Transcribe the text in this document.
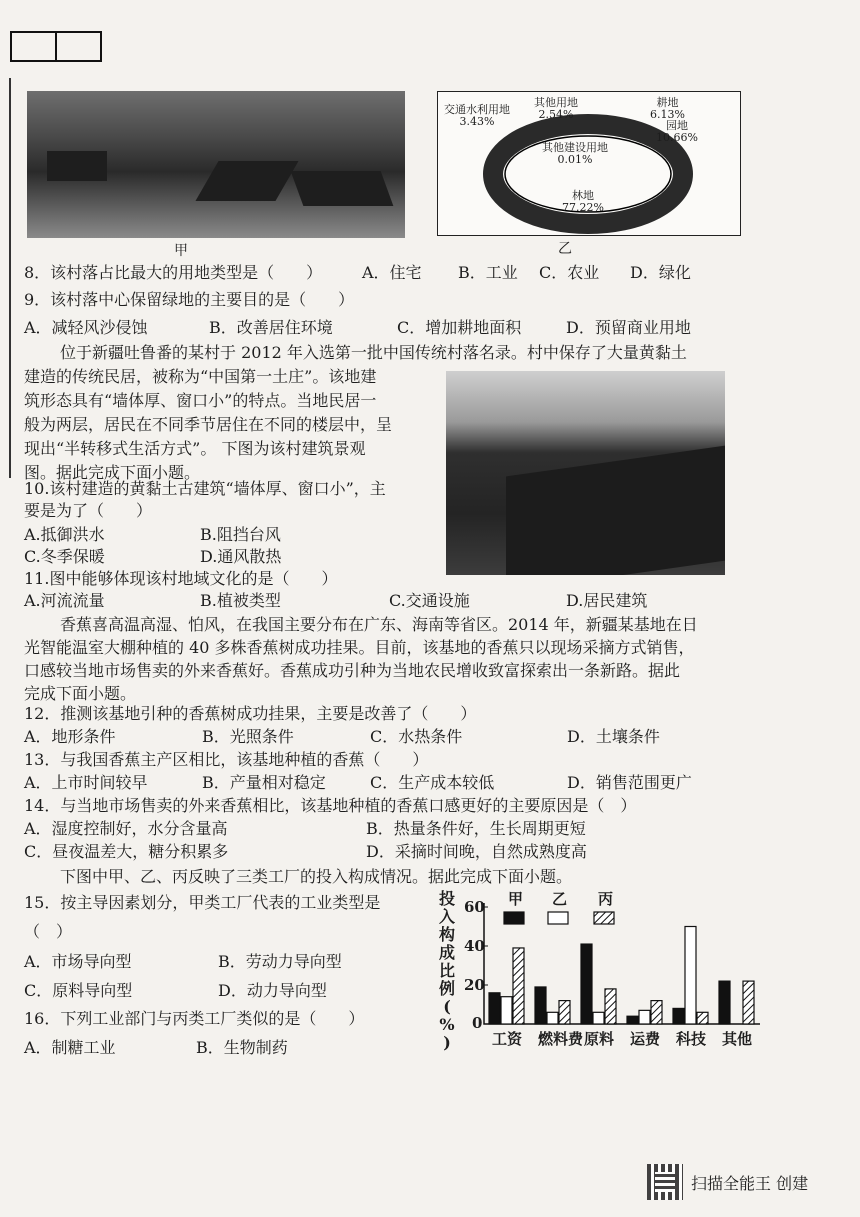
甲
交通水利用地
3.43%
其他用地
2.54%
耕地
6.13%
园地
10.66%
其他建设用地
0.01%
林地
77.22%
乙
8．该村落占比最大的用地类型是（　　） A．住宅 B．工业 C．农业 D．绿化
9．该村落中心保留绿地的主要目的是（　　）
A．减轻风沙侵蚀	B．改善居住环境	C．增加耕地面积	D．预留商业用地
位于新疆吐鲁番的某村于 2012 年入选第一批中国传统村落名录。村中保存了大量黄黏土
建造的传统民居，被称为“中国第一土庄”。该地建
筑形态具有“墙体厚、窗口小”的特点。当地民居一
般为两层，居民在不同季节居住在不同的楼层中，呈
现出“半转移式生活方式”。 下图为该村建筑景观
图。据此完成下面小题。
10.该村建造的黄黏土古建筑“墙体厚、窗口小”，主
要是为了（　　）
A.抵御洪水	B.阻挡台风
C.冬季保暖	D.通风散热
11.图中能够体现该村地域文化的是（　　）
A.河流流量	B.植被类型	C.交通设施	D.居民建筑
香蕉喜高温高湿、怕风，在我国主要分布在广东、海南等省区。2014 年，新疆某基地在日
光智能温室大棚种植的 40 多株香蕉树成功挂果。目前，该基地的香蕉只以现场采摘方式销售，
口感较当地市场售卖的外来香蕉好。香蕉成功引种为当地农民增收致富探索出一条新路。据此
完成下面小题。
12．推测该基地引种的香蕉树成功挂果，主要是改善了（　　）
A．地形条件	B．光照条件	C．水热条件	D．土壤条件
13．与我国香蕉主产区相比，该基地种植的香蕉（　　）
A．上市时间较早	B．产量相对稳定	C．生产成本较低	D．销售范围更广
14．与当地市场售卖的外来香蕉相比，该基地种植的香蕉口感更好的主要原因是（　）
A．湿度控制好，水分含量高	B．热量条件好，生长周期更短
C．昼夜温差大，糖分积累多	D．采摘时间晚，自然成熟度高
下图中甲、乙、丙反映了三类工厂的投入构成情况。据此完成下面小题。
15．按主导因素划分，甲类工厂代表的工业类型是
（　）
A．市场导向型	B．劳动力导向型
C．原料导向型	D．动力导向型
16．下列工业部门与丙类工厂类似的是（　　）
A．制糖工业	B．生物制药
投
入
构
成
比
例
(
%
)
60
40
20
0
工资 燃料费 原料 运费 科技 其他
甲 乙 丙
扫描全能王 创建
